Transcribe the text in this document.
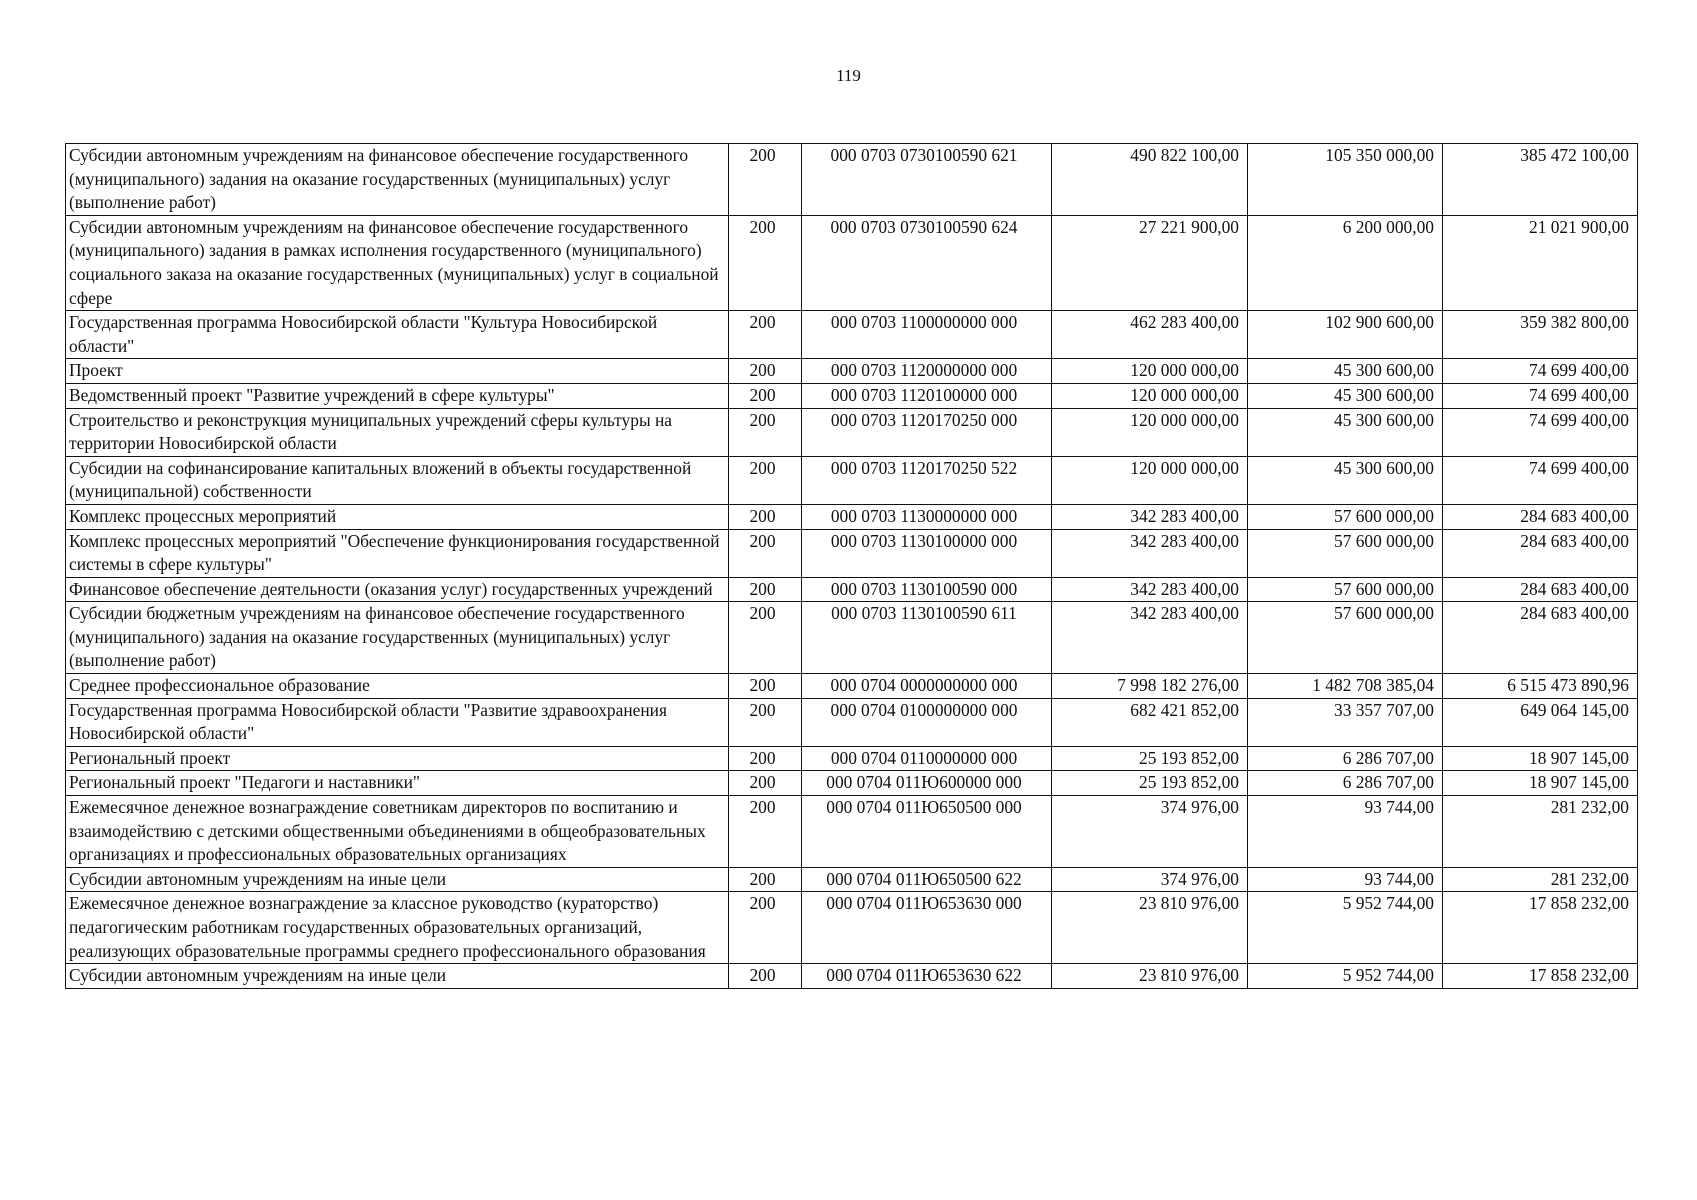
119
Субсидии автономным учреждениям на финансовое обеспечение государственного (муниципального) задания на оказание государственных (муниципальных) услуг (выполнение работ)	200	000 0703 0730100590 621	490 822 100,00	105 350 000,00	385 472 100,00
Субсидии автономным учреждениям на финансовое обеспечение государственного (муниципального) задания в рамках исполнения государственного (муниципального) социального заказа на оказание государственных (муниципальных) услуг в социальной сфере	200	000 0703 0730100590 624	27 221 900,00	6 200 000,00	21 021 900,00
Государственная программа Новосибирской области "Культура Новосибирской области"	200	000 0703 1100000000 000	462 283 400,00	102 900 600,00	359 382 800,00
Проект	200	000 0703 1120000000 000	120 000 000,00	45 300 600,00	74 699 400,00
Ведомственный проект "Развитие учреждений в сфере культуры"	200	000 0703 1120100000 000	120 000 000,00	45 300 600,00	74 699 400,00
Строительство и реконструкция муниципальных учреждений сферы культуры на территории Новосибирской области	200	000 0703 1120170250 000	120 000 000,00	45 300 600,00	74 699 400,00
Субсидии на софинансирование капитальных вложений в объекты государственной (муниципальной) собственности	200	000 0703 1120170250 522	120 000 000,00	45 300 600,00	74 699 400,00
Комплекс процессных мероприятий	200	000 0703 1130000000 000	342 283 400,00	57 600 000,00	284 683 400,00
Комплекс процессных мероприятий "Обеспечение функционирования государственной системы в сфере культуры"	200	000 0703 1130100000 000	342 283 400,00	57 600 000,00	284 683 400,00
Финансовое обеспечение деятельности (оказания услуг) государственных учреждений	200	000 0703 1130100590 000	342 283 400,00	57 600 000,00	284 683 400,00
Субсидии бюджетным учреждениям на финансовое обеспечение государственного (муниципального) задания на оказание государственных (муниципальных) услуг (выполнение работ)	200	000 0703 1130100590 611	342 283 400,00	57 600 000,00	284 683 400,00
Среднее профессиональное образование	200	000 0704 0000000000 000	7 998 182 276,00	1 482 708 385,04	6 515 473 890,96
Государственная программа Новосибирской области "Развитие здравоохранения Новосибирской области"	200	000 0704 0100000000 000	682 421 852,00	33 357 707,00	649 064 145,00
Региональный проект	200	000 0704 0110000000 000	25 193 852,00	6 286 707,00	18 907 145,00
Региональный проект "Педагоги и наставники"	200	000 0704 011Ю600000 000	25 193 852,00	6 286 707,00	18 907 145,00
Ежемесячное денежное вознаграждение советникам директоров по воспитанию и взаимодействию с детскими общественными объединениями в общеобразовательных организациях и профессиональных образовательных организациях	200	000 0704 011Ю650500 000	374 976,00	93 744,00	281 232,00
Субсидии автономным учреждениям на иные цели	200	000 0704 011Ю650500 622	374 976,00	93 744,00	281 232,00
Ежемесячное денежное вознаграждение за классное руководство (кураторство) педагогическим работникам государственных образовательных организаций, реализующих образовательные программы среднего профессионального образования	200	000 0704 011Ю653630 000	23 810 976,00	5 952 744,00	17 858 232,00
Субсидии автономным учреждениям на иные цели	200	000 0704 011Ю653630 622	23 810 976,00	5 952 744,00	17 858 232,00
